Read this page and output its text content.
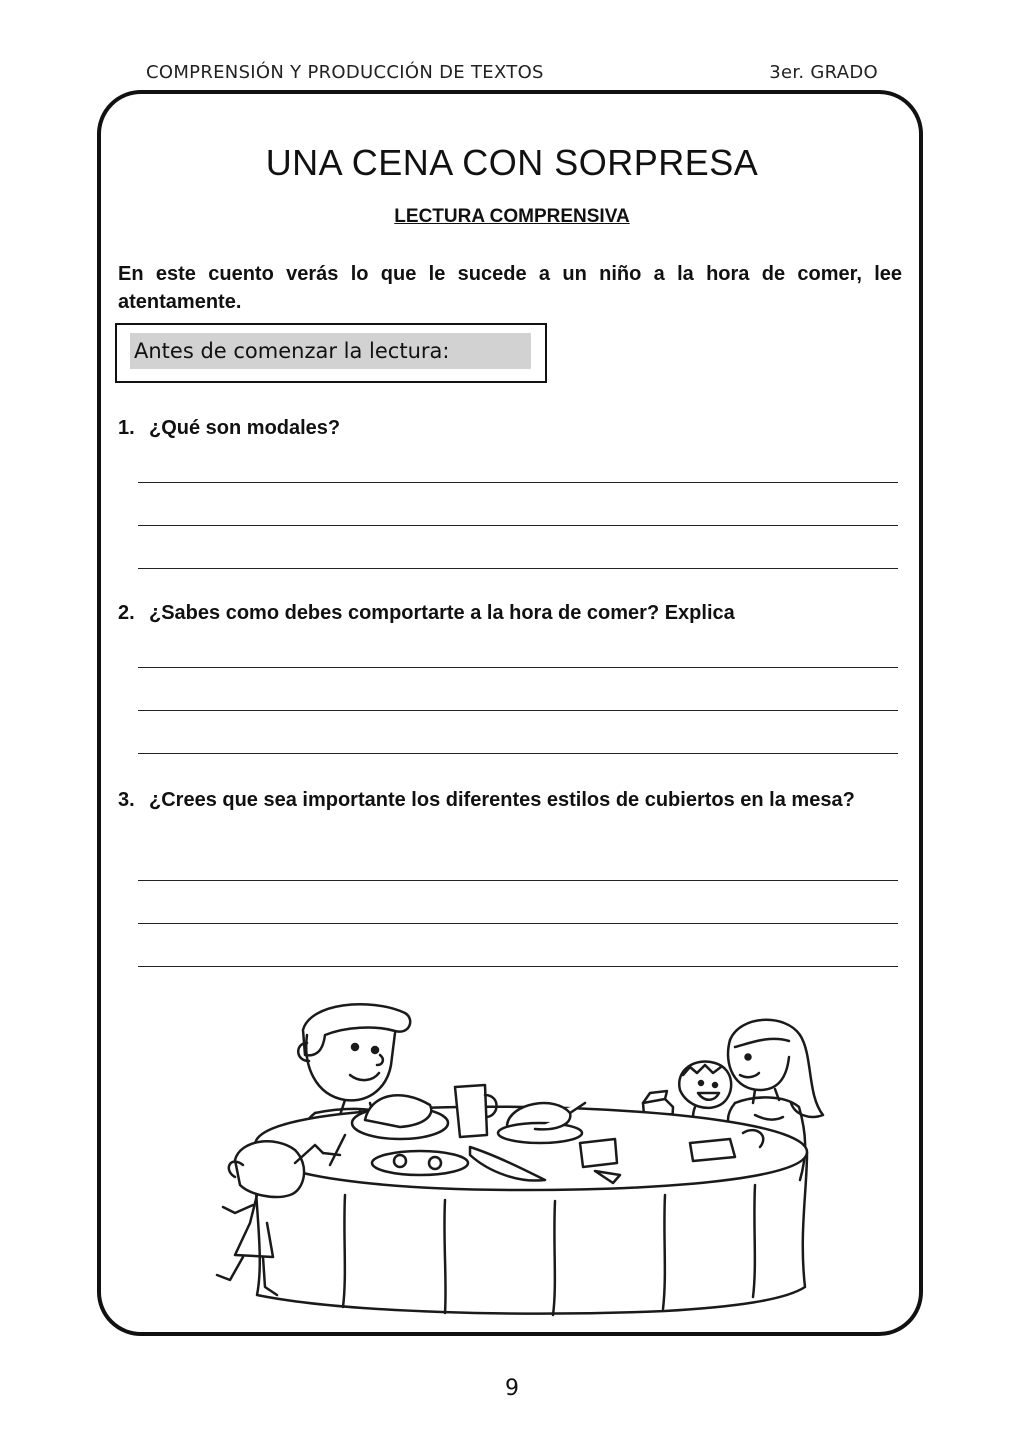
COMPRENSIÓN Y PRODUCCIÓN DE TEXTOS	3er. GRADO
UNA CENA CON SORPRESA
LECTURA COMPRENSIVA

En este cuento verás lo que le sucede a un niño a la hora de comer, lee atentamente.

Antes de comenzar la lectura:
1. ¿Qué son modales?
2. ¿Sabes como debes comportarte a la hora de comer? Explica
3. ¿Crees que sea importante los diferentes estilos de cubiertos en la mesa?
9
